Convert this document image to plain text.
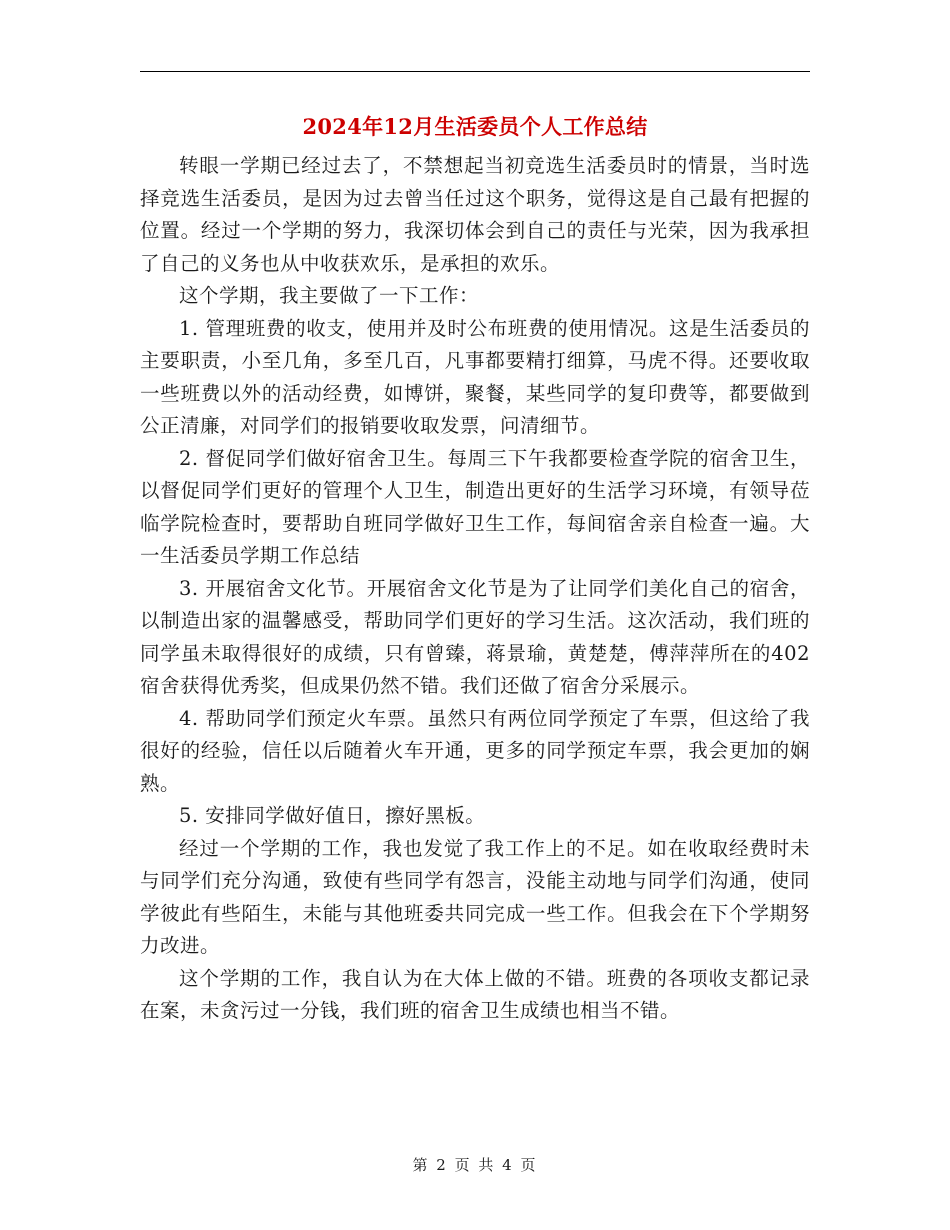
2024年12月生活委员个人工作总结

转眼一学期已经过去了，不禁想起当初竞选生活委员时的情景，当时选择竞选生活委员，是因为过去曾当任过这个职务，觉得这是自己最有把握的位置。经过一个学期的努力，我深切体会到自己的责任与光荣，因为我承担了自己的义务也从中收获欢乐，是承担的欢乐。

这个学期，我主要做了一下工作：

1. 管理班费的收支，使用并及时公布班费的使用情况。这是生活委员的主要职责，小至几角，多至几百，凡事都要精打细算，马虎不得。还要收取一些班费以外的活动经费，如博饼，聚餐，某些同学的复印费等，都要做到公正清廉，对同学们的报销要收取发票，问清细节。

2. 督促同学们做好宿舍卫生。每周三下午我都要检查学院的宿舍卫生，以督促同学们更好的管理个人卫生，制造出更好的生活学习环境，有领导莅临学院检查时，要帮助自班同学做好卫生工作，每间宿舍亲自检查一遍。大一生活委员学期工作总结

3. 开展宿舍文化节。开展宿舍文化节是为了让同学们美化自己的宿舍，以制造出家的温馨感受，帮助同学们更好的学习生活。这次活动，我们班的同学虽未取得很好的成绩，只有曾臻，蒋景瑜，黄楚楚，傅萍萍所在的402宿舍获得优秀奖，但成果仍然不错。我们还做了宿舍分采展示。

4. 帮助同学们预定火车票。虽然只有两位同学预定了车票，但这给了我很好的经验，信任以后随着火车开通，更多的同学预定车票，我会更加的娴熟。

5. 安排同学做好值日，擦好黑板。

经过一个学期的工作，我也发觉了我工作上的不足。如在收取经费时未与同学们充分沟通，致使有些同学有怨言，没能主动地与同学们沟通，使同学彼此有些陌生，未能与其他班委共同完成一些工作。但我会在下个学期努力改进。

这个学期的工作，我自认为在大体上做的不错。班费的各项收支都记录在案，未贪污过一分钱，我们班的宿舍卫生成绩也相当不错。

第 2 页 共 4 页
